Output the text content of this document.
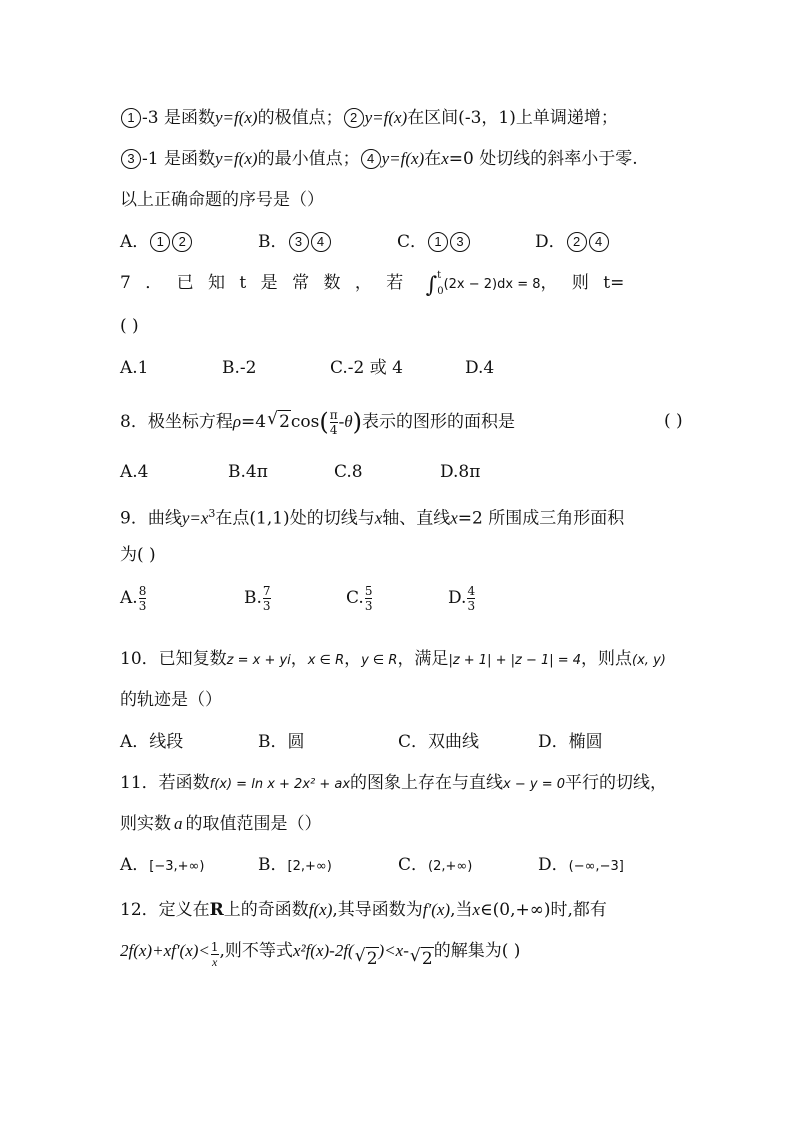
1 -3 是函数y=f(x)的极值点； 2 y=f(x)在区间(-3，1)上单调递增；
3 -1 是函数y=f(x)的最小值点； 4 y=f(x)在x=0 处切线的斜率小于零.
以上正确命题的序号是（）
A． 1 2	B． 3 4	C． 1 3	D． 2 4
7 ． 已 知 t 是 常 数 ， 若 ∫$^t_0$(2x − 2)dx = 8， 则 t=
( )
A.1	B.-2	C.-2 或 4	D.4
8．极坐标方程ρ=4 √ $2\cos( \frac{\pi}{4} -\theta)$表示的图形的面积是	( )
A.4	B.4π	C.8	D.8π
9．曲线$y=x^3$在点(1,1)处的切线与x轴、直线x=2 所围成三角形面积
为( )
A. $\frac{8}{3}$	B. $\frac{7}{3}$	C. $\frac{5}{3}$	D. $\frac{4}{3}$
10．已知复数z = x + yi，x ∈ R，y ∈ R，满足|z + 1| + |z − 1| = 4，则点(x, y)
的轨迹是（）
A．线段	B．圆	C．双曲线	D．椭圆
11．若函数f(x) = ln x + 2x² + ax的图象上存在与直线x − y = 0平行的切线，
则实数 a 的取值范围是（）
A．[−3,+∞)	B．[2,+∞)	C．(2,+∞)	D．(−∞,−3]
12．定义在R上的奇函数f(x),其导函数为f′(x),当x∈(0,+∞)时,都有
$2f(x)+xf'(x)< \frac{1}{x}$ ,则不等式x²f(x)-2f( √ 2)<x- √ 2的解集为( )
